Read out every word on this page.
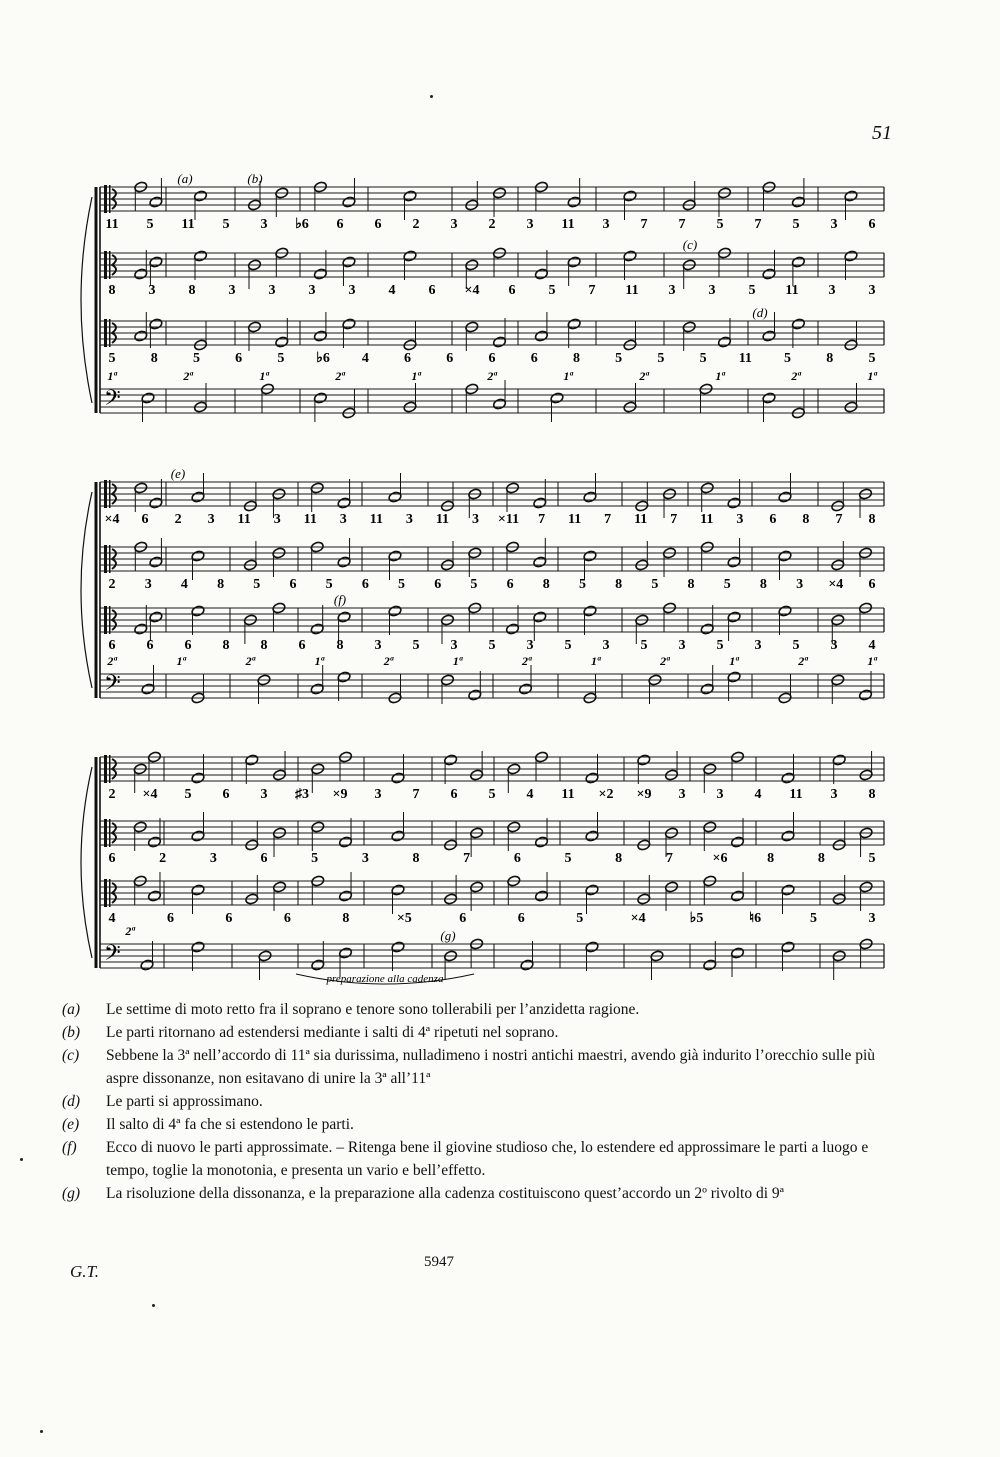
51
11 5 11 5 3 ♭6 6 6 2 3 2 3 11 3 7 7 5 7 5 3 6
8 3 8 3 3 3 3 4 6 ×4 6 5 7 11 3 3 5 11 3 3
5	8	5	6	5 ♭6 4	6	6	6	6	8	5	5	5 11 5	8	5
𝄢
1ª	2ª	1ª	2ª	1ª	2ª	1ª	2ª	1ª	2ª	1ª
(a)	(b)
(c)
(d)
×4 6 2 3 11 3 11 3 11 3 11 3 ×11 7 11 7 11 7 11 3 6 8 7 8
2 3 4 8 5 6 5 6 5 6 5 6 8 5 8 5 8 5 8 3 ×4 6
6 6 6 8 8 6 8 3 5 3 5 3 5 3 5 3 5 3 5 3 4
𝄢
2ª	1ª	2ª	1ª	2ª	1ª	2ª	1ª	2ª	1ª	2ª	1ª
(e)
(f)
2 ×4 5 6 3 ♯3 ×9 3 7 6 5 4 11 ×2 ×9 3 3 4 11 3 8
6	2	3	6	5	3	8	7	6	5	8	7	×6	8	8	5
4	6	6	6	8	×5	6	6	5	×4	♭5	♮6	5	3
𝄢
2ª	(g)
preparazione alla cadenza
(a)	Le settime di moto retto fra il soprano e tenore sono tollerabili per l’anzidetta ragione.
(b)	Le parti ritornano ad estendersi mediante i salti di 4ª ripetuti nel soprano.
(c)	Sebbene la 3ª nell’accordo di 11ª sia durissima, nulladimeno i nostri antichi maestri, avendo già indurito l’orecchio sulle più aspre dissonanze, non esitavano di unire la 3ª all’11ª
(d)	Le parti si approssimano.
(e)	Il salto di 4ª fa che si estendono le parti.
(f)	Ecco di nuovo le parti approssimate. – Ritenga bene il giovine studioso che, lo estendere ed approssimare le parti a luogo e tempo, toglie la monotonia, e presenta un vario e bell’effetto.
(g)	La risoluzione della dissonanza, e la preparazione alla cadenza costituiscono quest’accordo un 2º rivolto di 9ª
G.T.	5947
